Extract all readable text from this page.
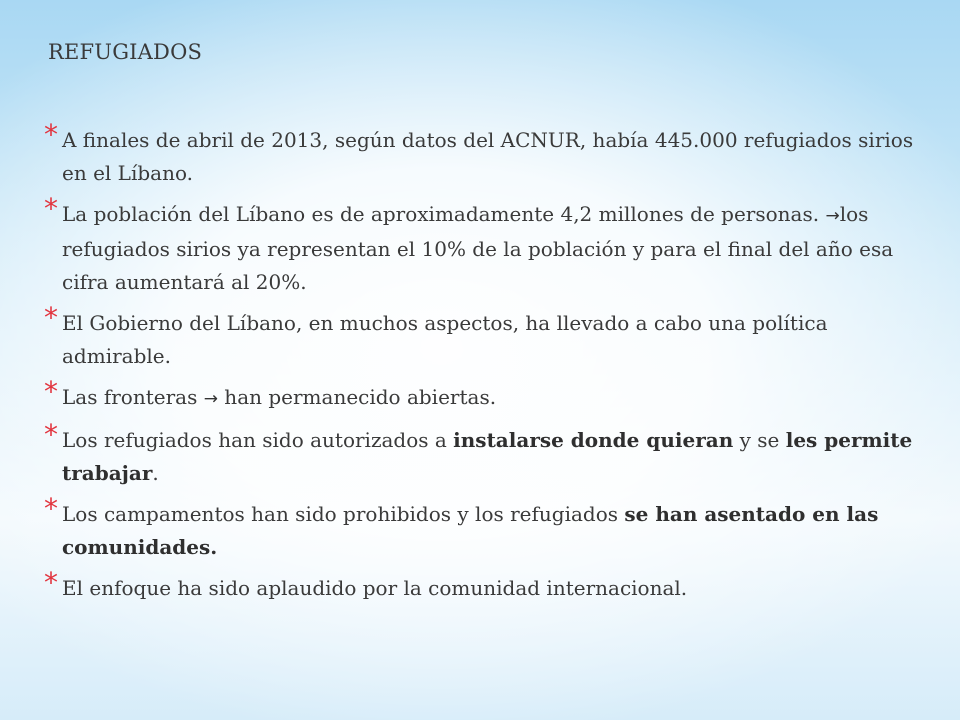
REFUGIADOS
* A finales de abril de 2013, según datos del ACNUR, había 445.000 refugiados sirios en el Líbano.
* La población del Líbano es de aproximadamente 4,2 millones de personas. →los refugiados sirios ya representan el 10% de la población y para el final del año esa cifra aumentará al 20%.
* El Gobierno del Líbano, en muchos aspectos, ha llevado a cabo una política admirable.
* Las fronteras → han permanecido abiertas.
* Los refugiados han sido autorizados a instalarse donde quieran y se les permite trabajar.
* Los campamentos han sido prohibidos y los refugiados se han asentado en las comunidades.
* El enfoque ha sido aplaudido por la comunidad internacional.
